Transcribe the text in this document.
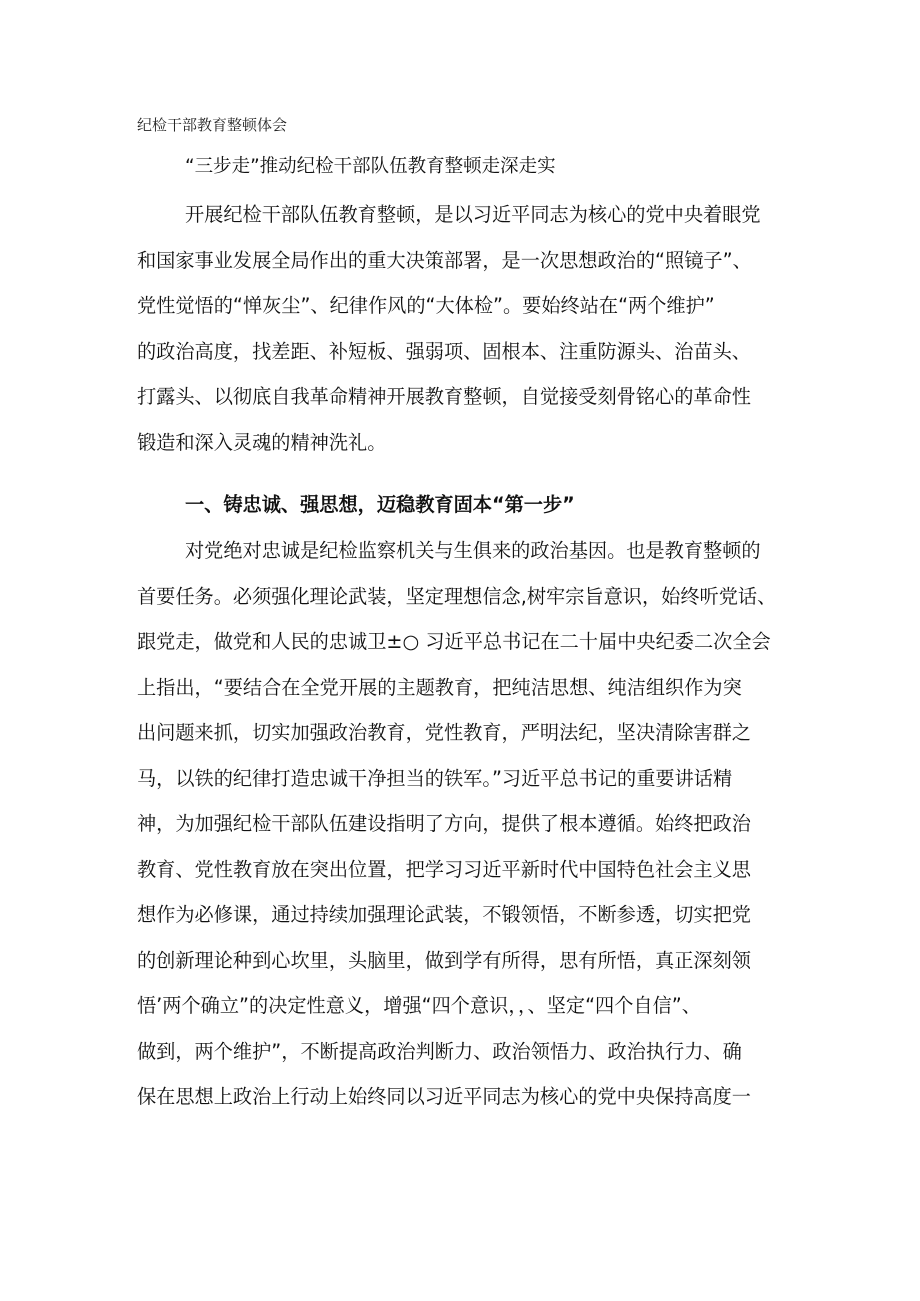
纪检干部教育整顿体会
“三步走”推动纪检干部队伍教育整顿走深走实
开展纪检干部队伍教育整顿，是以习近平同志为核心的党中央着眼党
和国家事业发展全局作出的重大决策部署，是一次思想政治的“照镜子”、
党性觉悟的“惮灰尘”、纪律作风的“大体检”。要始终站在“两个维护”
的政治高度，找差距、补短板、强弱项、固根本、注重防源头、治苗头、
打露头、以彻底自我革命精神开展教育整顿，自觉接受刻骨铭心的革命性
锻造和深入灵魂的精神洗礼。
一、铸忠诚、强思想，迈稳教育固本“第一步”
对党绝对忠诚是纪检监察机关与生俱来的政治基因。也是教育整顿的
首要任务。必须强化理论武装，坚定理想信念,树牢宗旨意识，始终听党话、
跟党走，做党和人民的忠诚卫±○ 习近平总书记在二十届中央纪委二次全会
上指出，“要结合在全党开展的主题教育，把纯洁思想、纯洁组织作为突
出问题来抓，切实加强政治教育，党性教育，严明法纪，坚决清除害群之
马，以铁的纪律打造忠诚干净担当的铁军。”习近平总书记的重要讲话精
神，为加强纪检干部队伍建设指明了方向，提供了根本遵循。始终把政治
教育、党性教育放在突出位置，把学习习近平新时代中国特色社会主义思
想作为必修课，通过持续加强理论武装，不锻领悟，不断参透，切实把党
的创新理论种到心坎里，头脑里，做到学有所得，思有所悟，真正深刻领
悟’两个确立”的决定性意义，增强“四个意识，，、坚定“四个自信”、
做到，两个维护”，不断提高政治判断力、政治领悟力、政治执行力、确
保在思想上政治上行动上始终同以习近平同志为核心的党中央保持高度一
